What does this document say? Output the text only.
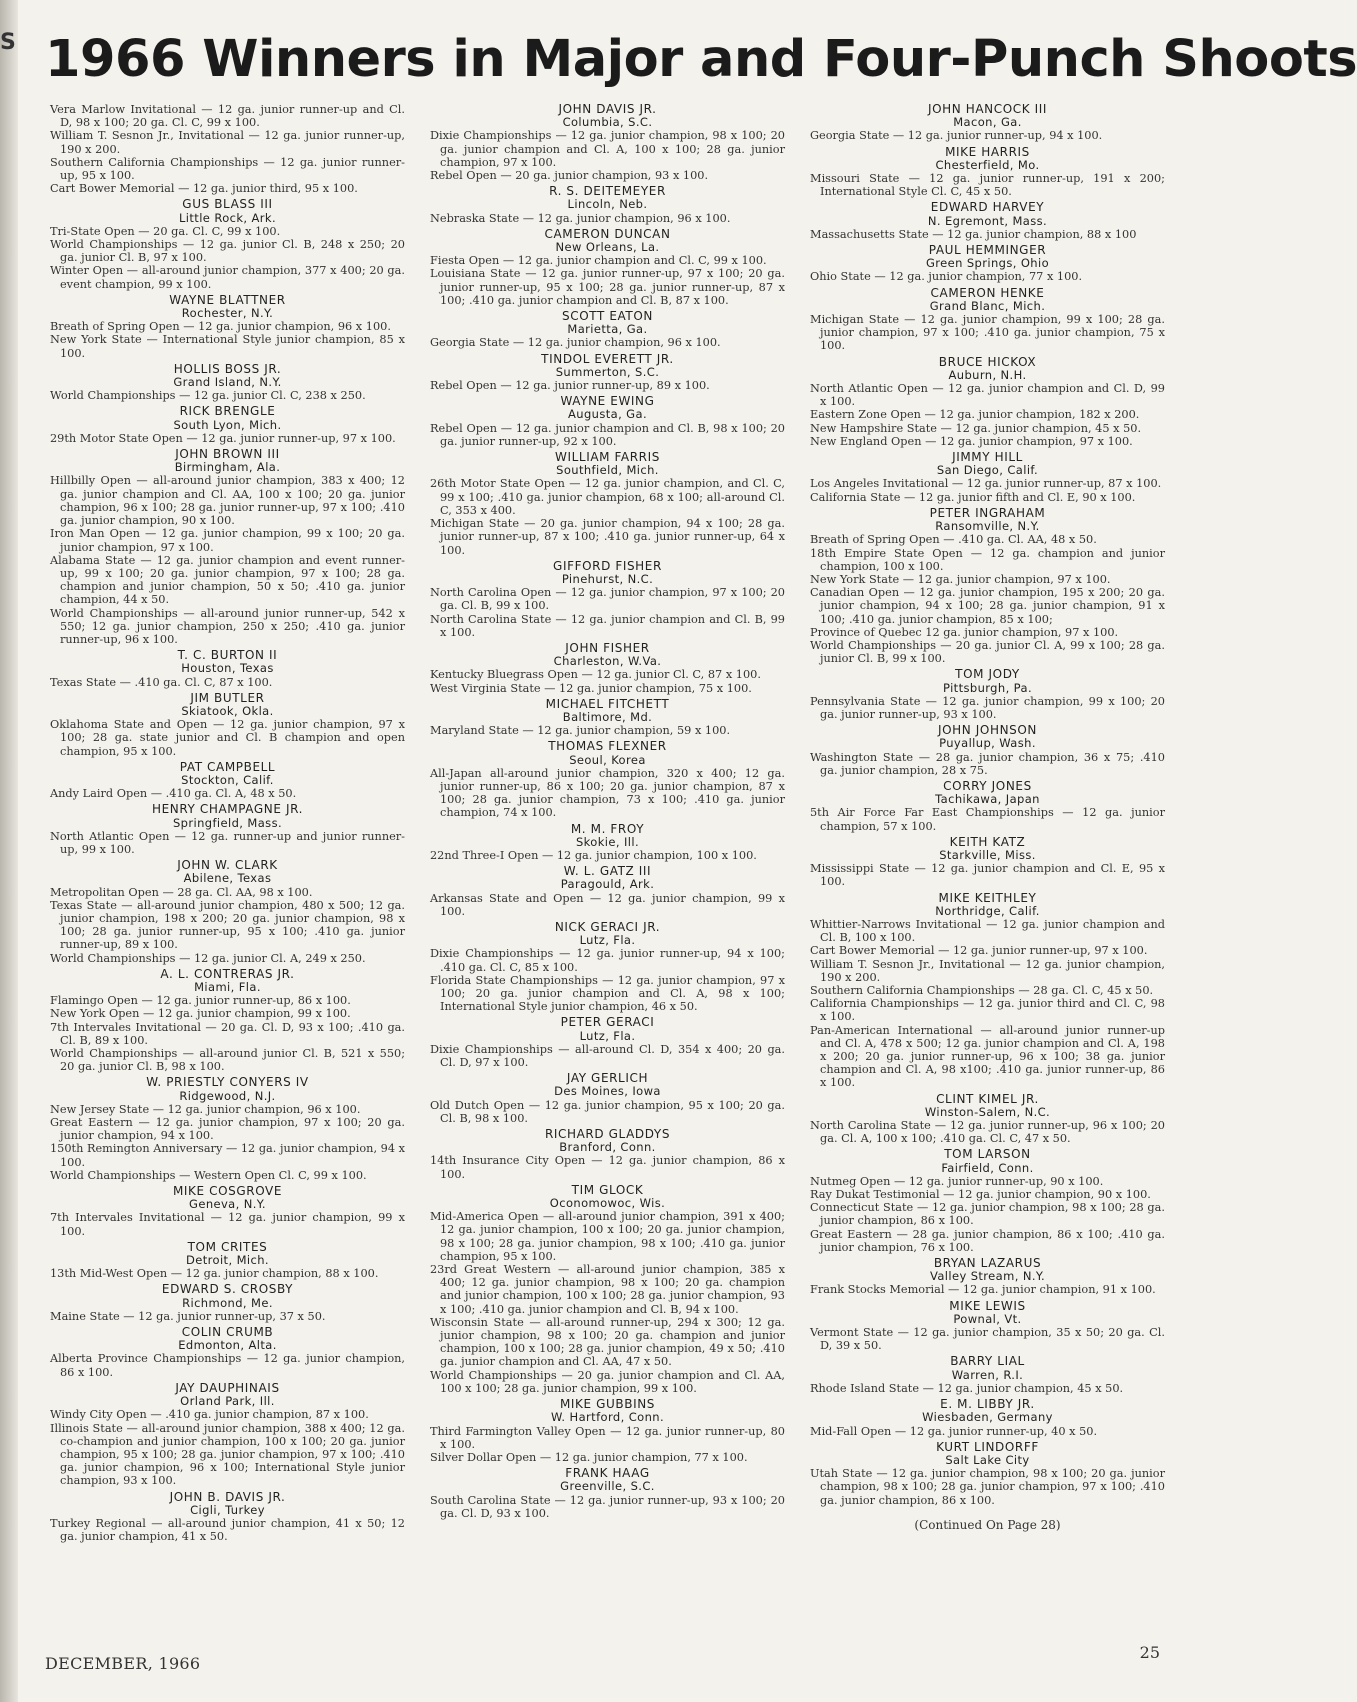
S 1966 Winners in Major and Four-Punch Shoots
Vera Marlow Invitational — 12 ga. junior runner-up and Cl. D, 98 x 100; 20 ga. Cl. C, 99 x 100.
William T. Sesnon Jr., Invitational — 12 ga. junior runner-up, 190 x 200.
Southern California Championships — 12 ga. junior runner-up, 95 x 100.
Cart Bower Memorial — 12 ga. junior third, 95 x 100.
GUS BLASS III
Little Rock, Ark.
Tri-State Open — 20 ga. Cl. C, 99 x 100.
World Championships — 12 ga. junior Cl. B, 248 x 250; 20 ga. junior Cl. B, 97 x 100.
Winter Open — all-around junior champion, 377 x 400; 20 ga. event champion, 99 x 100.
WAYNE BLATTNER
Rochester, N.Y.
Breath of Spring Open — 12 ga. junior champion, 96 x 100.
New York State — International Style junior champion, 85 x 100.
HOLLIS BOSS JR.
Grand Island, N.Y.
World Championships — 12 ga. junior Cl. C, 238 x 250.
RICK BRENGLE
South Lyon, Mich.
29th Motor State Open — 12 ga. junior runner-up, 97 x 100.
JOHN BROWN III
Birmingham, Ala.
Hillbilly Open — all-around junior champion, 383 x 400; 12 ga. junior champion and Cl. AA, 100 x 100; 20 ga. junior champion, 96 x 100; 28 ga. junior runner-up, 97 x 100; .410 ga. junior champion, 90 x 100.
Iron Man Open — 12 ga. junior champion, 99 x 100; 20 ga. junior champion, 97 x 100.
Alabama State — 12 ga. junior champion and event runner-up, 99 x 100; 20 ga. junior champion, 97 x 100; 28 ga. champion and junior champion, 50 x 50; .410 ga. junior champion, 44 x 50.
World Championships — all-around junior runner-up, 542 x 550; 12 ga. junior champion, 250 x 250; .410 ga. junior runner-up, 96 x 100.
T. C. BURTON II
Houston, Texas
Texas State — .410 ga. Cl. C, 87 x 100.
JIM BUTLER
Skiatook, Okla.
Oklahoma State and Open — 12 ga. junior champion, 97 x 100; 28 ga. state junior and Cl. B champion and open champion, 95 x 100.
PAT CAMPBELL
Stockton, Calif.
Andy Laird Open — .410 ga. Cl. A, 48 x 50.
HENRY CHAMPAGNE JR.
Springfield, Mass.
North Atlantic Open — 12 ga. runner-up and junior runner-up, 99 x 100.
JOHN W. CLARK
Abilene, Texas
Metropolitan Open — 28 ga. Cl. AA, 98 x 100.
Texas State — all-around junior champion, 480 x 500; 12 ga. junior champion, 198 x 200; 20 ga. junior champion, 98 x 100; 28 ga. junior runner-up, 95 x 100; .410 ga. junior runner-up, 89 x 100.
World Championships — 12 ga. junior Cl. A, 249 x 250.
A. L. CONTRERAS JR.
Miami, Fla.
Flamingo Open — 12 ga. junior runner-up, 86 x 100.
New York Open — 12 ga. junior champion, 99 x 100.
7th Intervales Invitational — 20 ga. Cl. D, 93 x 100; .410 ga. Cl. B, 89 x 100.
World Championships — all-around junior Cl. B, 521 x 550; 20 ga. junior Cl. B, 98 x 100.
W. PRIESTLY CONYERS IV
Ridgewood, N.J.
New Jersey State — 12 ga. junior champion, 96 x 100.
Great Eastern — 12 ga. junior champion, 97 x 100; 20 ga. junior champion, 94 x 100.
150th Remington Anniversary — 12 ga. junior champion, 94 x 100.
World Championships — Western Open Cl. C, 99 x 100.
MIKE COSGROVE
Geneva, N.Y.
7th Intervales Invitational — 12 ga. junior champion, 99 x 100.
TOM CRITES
Detroit, Mich.
13th Mid-West Open — 12 ga. junior champion, 88 x 100.
EDWARD S. CROSBY
Richmond, Me.
Maine State — 12 ga. junior runner-up, 37 x 50.
COLIN CRUMB
Edmonton, Alta.
Alberta Province Championships — 12 ga. junior champion, 86 x 100.
JAY DAUPHINAIS
Orland Park, Ill.
Windy City Open — .410 ga. junior champion, 87 x 100.
Illinois State — all-around junior champion, 388 x 400; 12 ga. co-champion and junior champion, 100 x 100; 20 ga. junior champion, 95 x 100; 28 ga. junior champion, 97 x 100; .410 ga. junior champion, 96 x 100; International Style junior champion, 93 x 100.
JOHN B. DAVIS JR.
Cigli, Turkey
Turkey Regional — all-around junior champion, 41 x 50; 12 ga. junior champion, 41 x 50.
JOHN DAVIS JR.
Columbia, S.C.
Dixie Championships — 12 ga. junior champion, 98 x 100; 20 ga. junior champion and Cl. A, 100 x 100; 28 ga. junior champion, 97 x 100.
Rebel Open — 20 ga. junior champion, 93 x 100.
R. S. DEITEMEYER
Lincoln, Neb.
Nebraska State — 12 ga. junior champion, 96 x 100.
CAMERON DUNCAN
New Orleans, La.
Fiesta Open — 12 ga. junior champion and Cl. C, 99 x 100.
Louisiana State — 12 ga. junior runner-up, 97 x 100; 20 ga. junior runner-up, 95 x 100; 28 ga. junior runner-up, 87 x 100; .410 ga. junior champion and Cl. B, 87 x 100.
SCOTT EATON
Marietta, Ga.
Georgia State — 12 ga. junior champion, 96 x 100.
TINDOL EVERETT JR.
Summerton, S.C.
Rebel Open — 12 ga. junior runner-up, 89 x 100.
WAYNE EWING
Augusta, Ga.
Rebel Open — 12 ga. junior champion and Cl. B, 98 x 100; 20 ga. junior runner-up, 92 x 100.
WILLIAM FARRIS
Southfield, Mich.
26th Motor State Open — 12 ga. junior champion, and Cl. C, 99 x 100; .410 ga. junior champion, 68 x 100; all-around Cl. C, 353 x 400.
Michigan State — 20 ga. junior champion, 94 x 100; 28 ga. junior runner-up, 87 x 100; .410 ga. junior runner-up, 64 x 100.
GIFFORD FISHER
Pinehurst, N.C.
North Carolina Open — 12 ga. junior champion, 97 x 100; 20 ga. Cl. B, 99 x 100.
North Carolina State — 12 ga. junior champion and Cl. B, 99 x 100.
JOHN FISHER
Charleston, W.Va.
Kentucky Bluegrass Open — 12 ga. junior Cl. C, 87 x 100.
West Virginia State — 12 ga. junior champion, 75 x 100.
MICHAEL FITCHETT
Baltimore, Md.
Maryland State — 12 ga. junior champion, 59 x 100.
THOMAS FLEXNER
Seoul, Korea
All-Japan all-around junior champion, 320 x 400; 12 ga. junior runner-up, 86 x 100; 20 ga. junior champion, 87 x 100; 28 ga. junior champion, 73 x 100; .410 ga. junior champion, 74 x 100.
M. M. FROY
Skokie, Ill.
22nd Three-I Open — 12 ga. junior champion, 100 x 100.
W. L. GATZ III
Paragould, Ark.
Arkansas State and Open — 12 ga. junior champion, 99 x 100.
NICK GERACI JR.
Lutz, Fla.
Dixie Championships — 12 ga. junior runner-up, 94 x 100; .410 ga. Cl. C, 85 x 100.
Florida State Championships — 12 ga. junior champion, 97 x 100; 20 ga. junior champion and Cl. A, 98 x 100; International Style junior champion, 46 x 50.
PETER GERACI
Lutz, Fla.
Dixie Championships — all-around Cl. D, 354 x 400; 20 ga. Cl. D, 97 x 100.
JAY GERLICH
Des Moines, Iowa
Old Dutch Open — 12 ga. junior champion, 95 x 100; 20 ga. Cl. B, 98 x 100.
RICHARD GLADDYS
Branford, Conn.
14th Insurance City Open — 12 ga. junior champion, 86 x 100.
TIM GLOCK
Oconomowoc, Wis.
Mid-America Open — all-around junior champion, 391 x 400; 12 ga. junior champion, 100 x 100; 20 ga. junior champion, 98 x 100; 28 ga. junior champion, 98 x 100; .410 ga. junior champion, 95 x 100.
23rd Great Western — all-around junior champion, 385 x 400; 12 ga. junior champion, 98 x 100; 20 ga. champion and junior champion, 100 x 100; 28 ga. junior champion, 93 x 100; .410 ga. junior champion and Cl. B, 94 x 100.
Wisconsin State — all-around runner-up, 294 x 300; 12 ga. junior champion, 98 x 100; 20 ga. champion and junior champion, 100 x 100; 28 ga. junior champion, 49 x 50; .410 ga. junior champion and Cl. AA, 47 x 50.
World Championships — 20 ga. junior champion and Cl. AA, 100 x 100; 28 ga. junior champion, 99 x 100.
MIKE GUBBINS
W. Hartford, Conn.
Third Farmington Valley Open — 12 ga. junior runner-up, 80 x 100.
Silver Dollar Open — 12 ga. junior champion, 77 x 100.
FRANK HAAG
Greenville, S.C.
South Carolina State — 12 ga. junior runner-up, 93 x 100; 20 ga. Cl. D, 93 x 100.
JOHN HANCOCK III
Macon, Ga.
Georgia State — 12 ga. junior runner-up, 94 x 100.
MIKE HARRIS
Chesterfield, Mo.
Missouri State — 12 ga. junior runner-up, 191 x 200; International Style Cl. C, 45 x 50.
EDWARD HARVEY
N. Egremont, Mass.
Massachusetts State — 12 ga. junior champion, 88 x 100
PAUL HEMMINGER
Green Springs, Ohio
Ohio State — 12 ga. junior champion, 77 x 100.
CAMERON HENKE
Grand Blanc, Mich.
Michigan State — 12 ga. junior champion, 99 x 100; 28 ga. junior champion, 97 x 100; .410 ga. junior champion, 75 x 100.
BRUCE HICKOX
Auburn, N.H.
North Atlantic Open — 12 ga. junior champion and Cl. D, 99 x 100.
Eastern Zone Open — 12 ga. junior champion, 182 x 200.
New Hampshire State — 12 ga. junior champion, 45 x 50.
New England Open — 12 ga. junior champion, 97 x 100.
JIMMY HILL
San Diego, Calif.
Los Angeles Invitational — 12 ga. junior runner-up, 87 x 100.
California State — 12 ga. junior fifth and Cl. E, 90 x 100.
PETER INGRAHAM
Ransomville, N.Y.
Breath of Spring Open — .410 ga. Cl. AA, 48 x 50.
18th Empire State Open — 12 ga. champion and junior champion, 100 x 100.
New York State — 12 ga. junior champion, 97 x 100.
Canadian Open — 12 ga. junior champion, 195 x 200; 20 ga. junior champion, 94 x 100; 28 ga. junior champion, 91 x 100; .410 ga. junior champion, 85 x 100;
Province of Quebec 12 ga. junior champion, 97 x 100.
World Championships — 20 ga. junior Cl. A, 99 x 100; 28 ga. junior Cl. B, 99 x 100.
TOM JODY
Pittsburgh, Pa.
Pennsylvania State — 12 ga. junior champion, 99 x 100; 20 ga. junior runner-up, 93 x 100.
JOHN JOHNSON
Puyallup, Wash.
Washington State — 28 ga. junior champion, 36 x 75; .410 ga. junior champion, 28 x 75.
CORRY JONES
Tachikawa, Japan
5th Air Force Far East Championships — 12 ga. junior champion, 57 x 100.
KEITH KATZ
Starkville, Miss.
Mississippi State — 12 ga. junior champion and Cl. E, 95 x 100.
MIKE KEITHLEY
Northridge, Calif.
Whittier-Narrows Invitational — 12 ga. junior champion and Cl. B, 100 x 100.
Cart Bower Memorial — 12 ga. junior runner-up, 97 x 100.
William T. Sesnon Jr., Invitational — 12 ga. junior champion, 190 x 200.
Southern California Championships — 28 ga. Cl. C, 45 x 50.
California Championships — 12 ga. junior third and Cl. C, 98 x 100.
Pan-American International — all-around junior runner-up and Cl. A, 478 x 500; 12 ga. junior champion and Cl. A, 198 x 200; 20 ga. junior runner-up, 96 x 100; 38 ga. junior champion and Cl. A, 98 x100; .410 ga. junior runner-up, 86 x 100.
CLINT KIMEL JR.
Winston-Salem, N.C.
North Carolina State — 12 ga. junior runner-up, 96 x 100; 20 ga. Cl. A, 100 x 100; .410 ga. Cl. C, 47 x 50.
TOM LARSON
Fairfield, Conn.
Nutmeg Open — 12 ga. junior runner-up, 90 x 100.
Ray Dukat Testimonial — 12 ga. junior champion, 90 x 100.
Connecticut State — 12 ga. junior champion, 98 x 100; 28 ga. junior champion, 86 x 100.
Great Eastern — 28 ga. junior champion, 86 x 100; .410 ga. junior champion, 76 x 100.
BRYAN LAZARUS
Valley Stream, N.Y.
Frank Stocks Memorial — 12 ga. junior champion, 91 x 100.
MIKE LEWIS
Pownal, Vt.
Vermont State — 12 ga. junior champion, 35 x 50; 20 ga. Cl. D, 39 x 50.
BARRY LIAL
Warren, R.I.
Rhode Island State — 12 ga. junior champion, 45 x 50.
E. M. LIBBY JR.
Wiesbaden, Germany
Mid-Fall Open — 12 ga. junior runner-up, 40 x 50.
KURT LINDORFF
Salt Lake City
Utah State — 12 ga. junior champion, 98 x 100; 20 ga. junior champion, 98 x 100; 28 ga. junior champion, 97 x 100; .410 ga. junior champion, 86 x 100.
(Continued On Page 28)
DECEMBER, 1966
25
